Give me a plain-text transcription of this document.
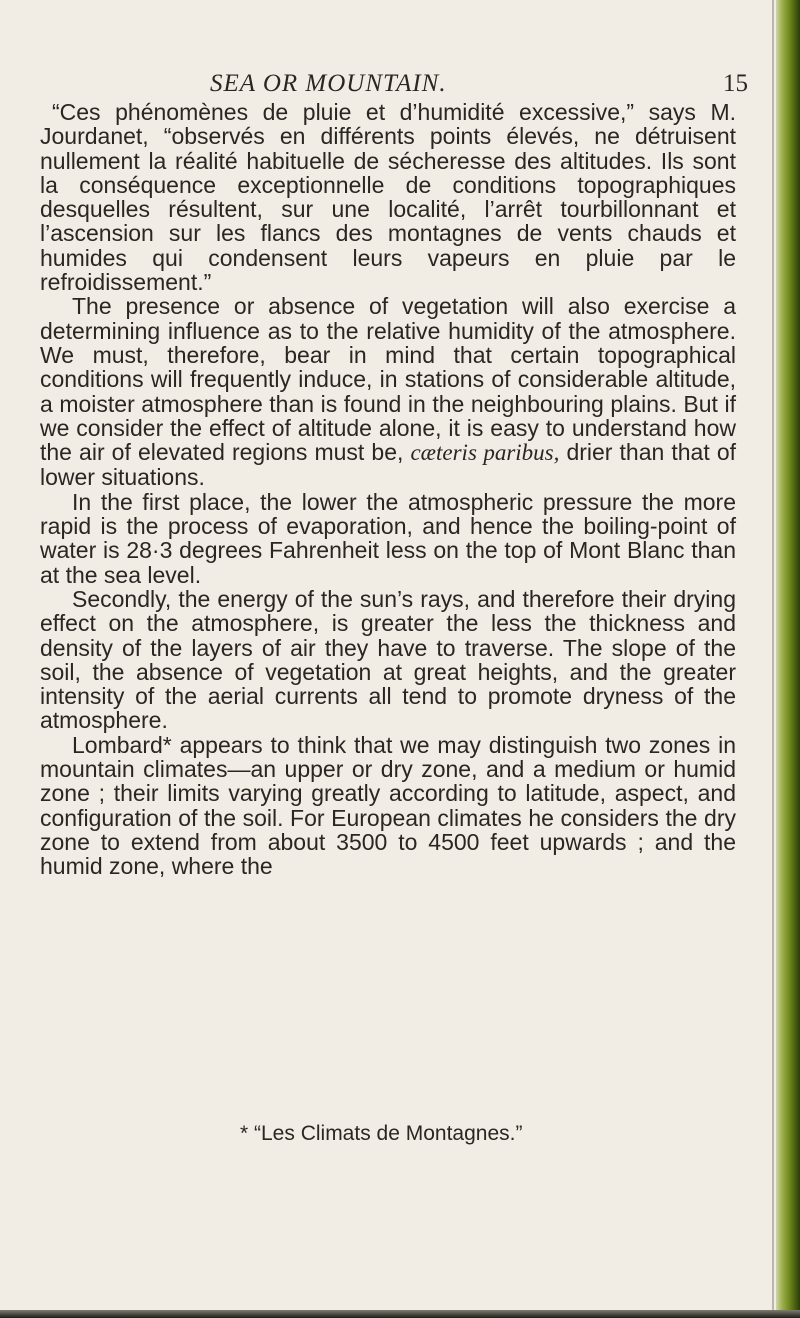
SEA OR MOUNTAIN.	15

“Ces phénomènes de pluie et d’humidité excessive,” says M. Jourdanet, “observés en différents points élevés, ne détruisent nullement la réalité habituelle de sécheresse des altitudes. Ils sont la conséquence exceptionnelle de conditions topographiques desquelles résultent, sur une localité, l’arrêt tourbillonnant et l’ascension sur les flancs des montagnes de vents chauds et humides qui condensent leurs vapeurs en pluie par le refroidissement.”

The presence or absence of vegetation will also exercise a determining influence as to the relative humidity of the atmosphere. We must, therefore, bear in mind that certain topographical conditions will frequently induce, in stations of considerable altitude, a moister atmosphere than is found in the neighbouring plains. But if we consider the effect of altitude alone, it is easy to understand how the air of elevated regions must be, cæteris paribus, drier than that of lower situations.

In the first place, the lower the atmospheric pressure the more rapid is the process of evaporation, and hence the boiling-point of water is 28·3 degrees Fahrenheit less on the top of Mont Blanc than at the sea level.

Secondly, the energy of the sun’s rays, and therefore their drying effect on the atmosphere, is greater the less the thickness and density of the layers of air they have to traverse. The slope of the soil, the absence of vegetation at great heights, and the greater intensity of the aerial currents all tend to promote dryness of the atmosphere.

Lombard* appears to think that we may distinguish two zones in mountain climates—an upper or dry zone, and a medium or humid zone ; their limits varying greatly according to latitude, aspect, and configuration of the soil. For European climates he considers the dry zone to extend from about 3500 to 4500 feet upwards ; and the humid zone, where the

* “Les Climats de Montagnes.”
